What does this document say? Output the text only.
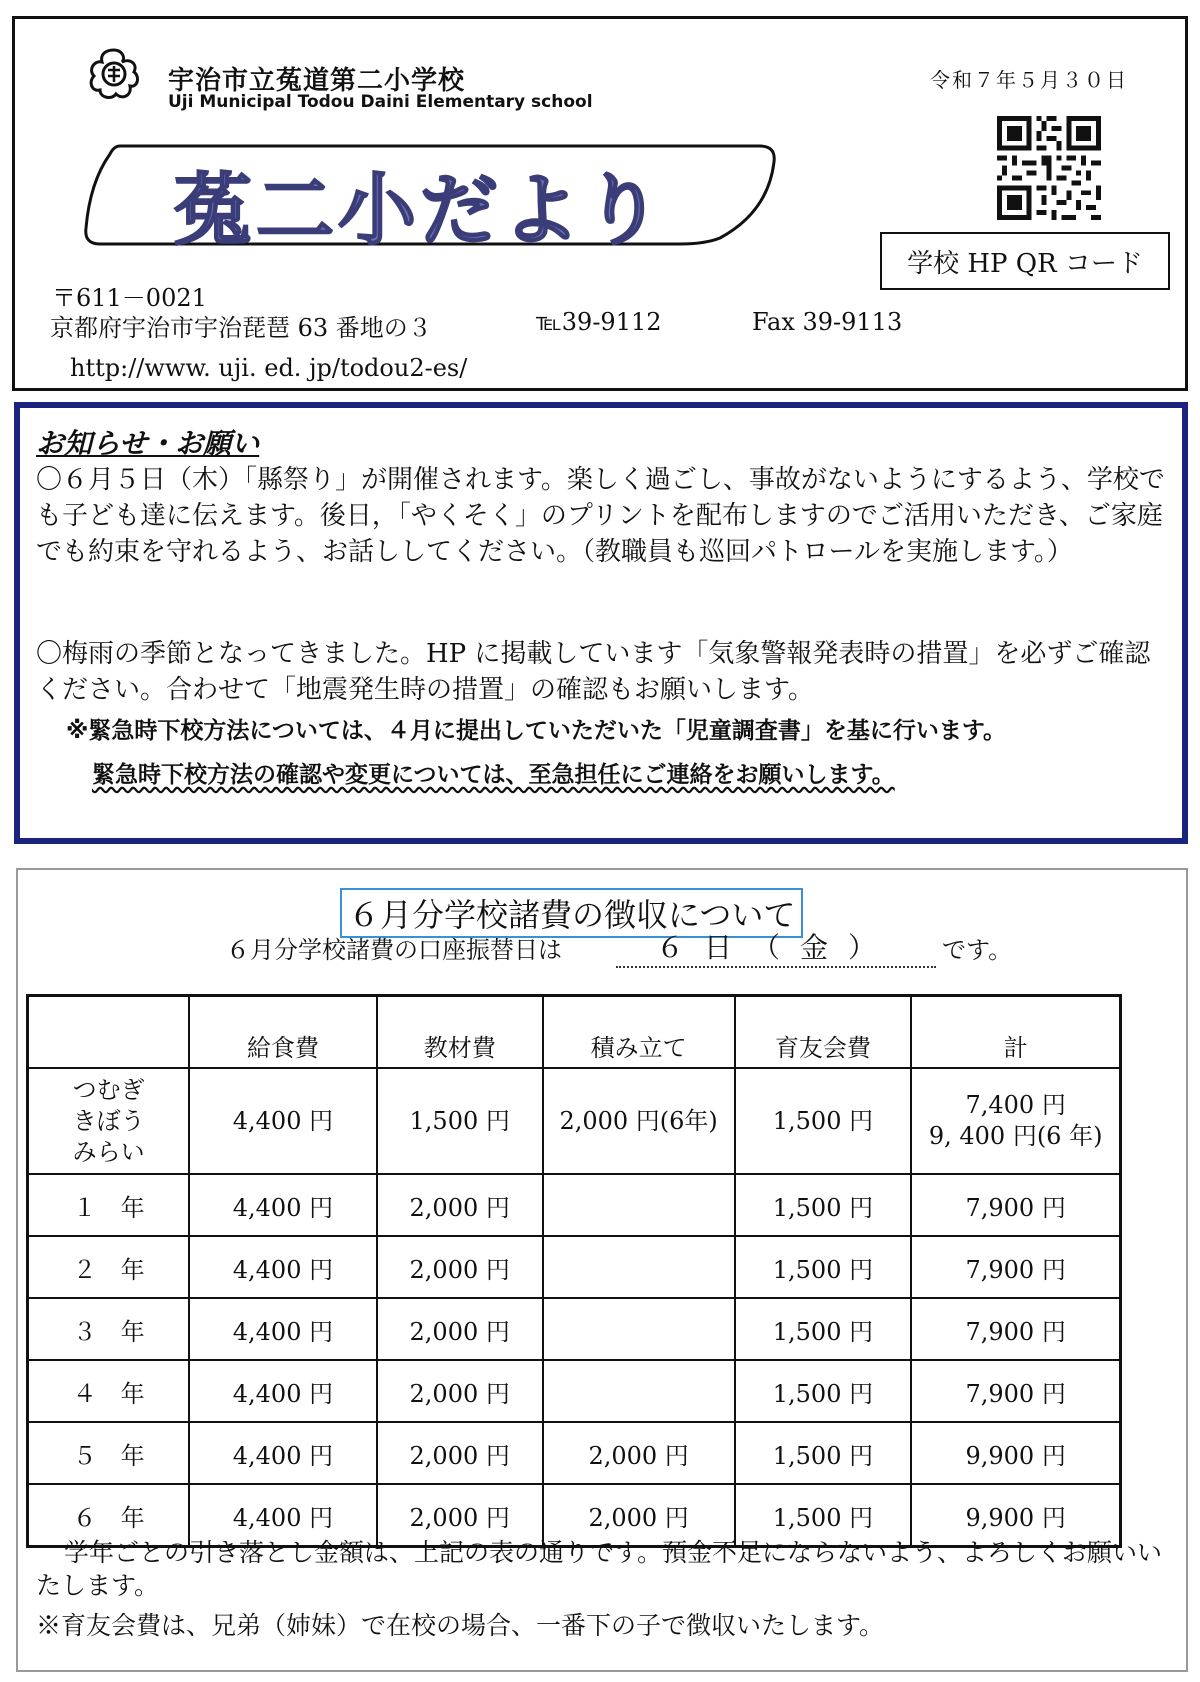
宇治市立菟道第二小学校
Uji Municipal Todou Daini Elementary school
令和７年５月３０日
学校 HP QR コード
菟二小だより
〒611－0021
京都府宇治市宇治琵琶 63 番地の３	℡39-9112	Fax 39-9113
http://www. uji. ed. jp/todou2-es/
お知らせ・お願い
〇６月５日（木）「縣祭り」が開催されます。楽しく過ごし、事故がないようにするよう、学校でも子ども達に伝えます。後日，「やくそく」のプリントを配布しますのでご活用いただき、ご家庭でも約束を守れるよう、お話ししてください。（教職員も巡回パトロールを実施します。）
〇梅雨の季節となってきました。HP に掲載しています「気象警報発表時の措置」を必ずご確認ください。合わせて「地震発生時の措置」の確認もお願いします。
※緊急時下校方法については、４月に提出していただいた「児童調査書」を基に行います。
緊急時下校方法の確認や変更については、至急担任にご連絡をお願いします。
６月分学校諸費の徴収について
６月分学校諸費の口座振替日は	６日（金）	です。
	給食費	教材費	積み立て	育友会費	計
つむぎ
きぼう
みらい	4,400 円	1,500 円	2,000 円(6年)	1,500 円	7,400 円
9, 400 円(6 年)
１　年	4,400 円	2,000 円		1,500 円	7,900 円
２　年	4,400 円	2,000 円		1,500 円	7,900 円
３　年	4,400 円	2,000 円		1,500 円	7,900 円
４　年	4,400 円	2,000 円		1,500 円	7,900 円
５　年	4,400 円	2,000 円	2,000 円	1,500 円	9,900 円
６　年	4,400 円	2,000 円	2,000 円	1,500 円	9,900 円
学年ごとの引き落とし金額は、上記の表の通りです。預金不足にならないよう、よろしくお願いいたします。
※育友会費は、兄弟（姉妹）で在校の場合、一番下の子で徴収いたします。
